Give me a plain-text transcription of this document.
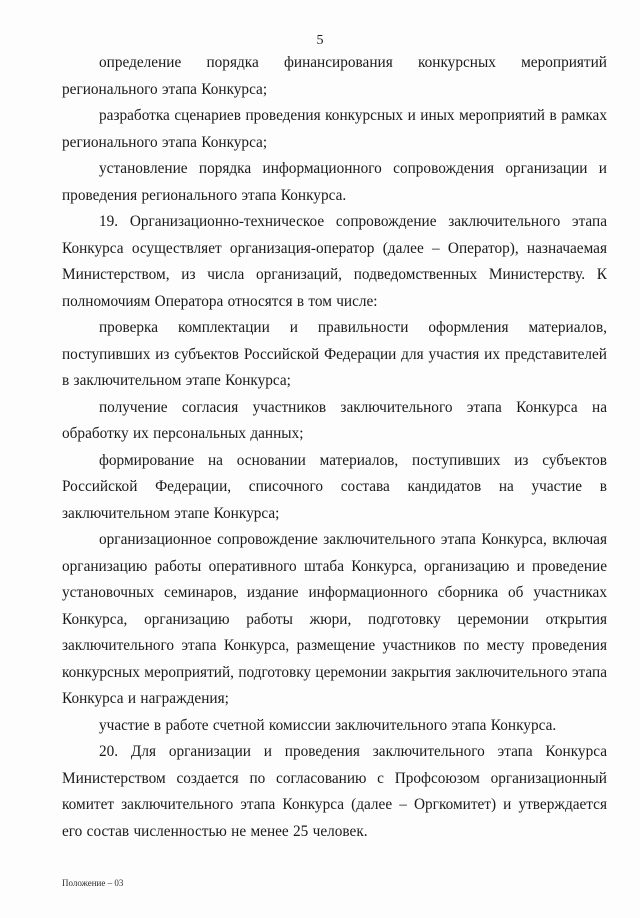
5

определение порядка финансирования конкурсных мероприятий регионального этапа Конкурса;

разработка сценариев проведения конкурсных и иных мероприятий в рамках регионального этапа Конкурса;

установление порядка информационного сопровождения организации и проведения регионального этапа Конкурса.

19. Организационно-техническое сопровождение заключительного этапа Конкурса осуществляет организация-оператор (далее – Оператор), назначаемая Министерством, из числа организаций, подведомственных Министерству. К полномочиям Оператора относятся в том числе:

проверка комплектации и правильности оформления материалов, поступивших из субъектов Российской Федерации для участия их представителей в заключительном этапе Конкурса;

получение согласия участников заключительного этапа Конкурса на обработку их персональных данных;

формирование на основании материалов, поступивших из субъектов Российской Федерации, списочного состава кандидатов на участие в заключительном этапе Конкурса;

организационное сопровождение заключительного этапа Конкурса, включая организацию работы оперативного штаба Конкурса, организацию и проведение установочных семинаров, издание информационного сборника об участниках Конкурса, организацию работы жюри, подготовку церемонии открытия заключительного этапа Конкурса, размещение участников по месту проведения конкурсных мероприятий, подготовку церемонии закрытия заключительного этапа Конкурса и награждения;

участие в работе счетной комиссии заключительного этапа Конкурса.

20. Для организации и проведения заключительного этапа Конкурса Министерством создается по согласованию с Профсоюзом организационный комитет заключительного этапа Конкурса (далее – Оргкомитет) и утверждается его состав численностью не менее 25 человек.

Положение – 03
